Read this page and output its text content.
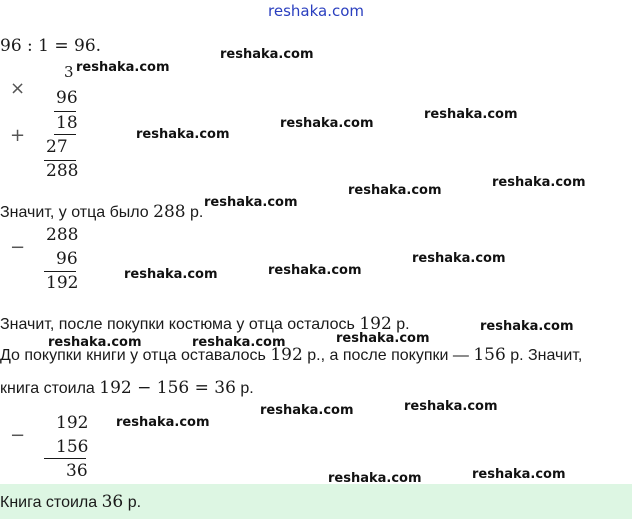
reshaka.com
96 : 1 = 96.
3
× 96
18
+
27
288
Значит, у отца было 288 р.
−
288
96
192
Значит, после покупки костюма у отца осталось 192 р.
До покупки книги у отца оставалось 192 р., а после покупки — 156 р. Значит,
книга стоила 192 − 156 = 36 р.
−
192
156
36
Книга стоила 36 р.
reshaka.com
reshaka.com
reshaka.com
reshaka.com
reshaka.com
reshaka.com
reshaka.com
reshaka.com
reshaka.com
reshaka.com
reshaka.com
reshaka.com
reshaka.com
reshaka.com
reshaka.com
reshaka.com
reshaka.com
reshaka.com
reshaka.com
reshaka.com
